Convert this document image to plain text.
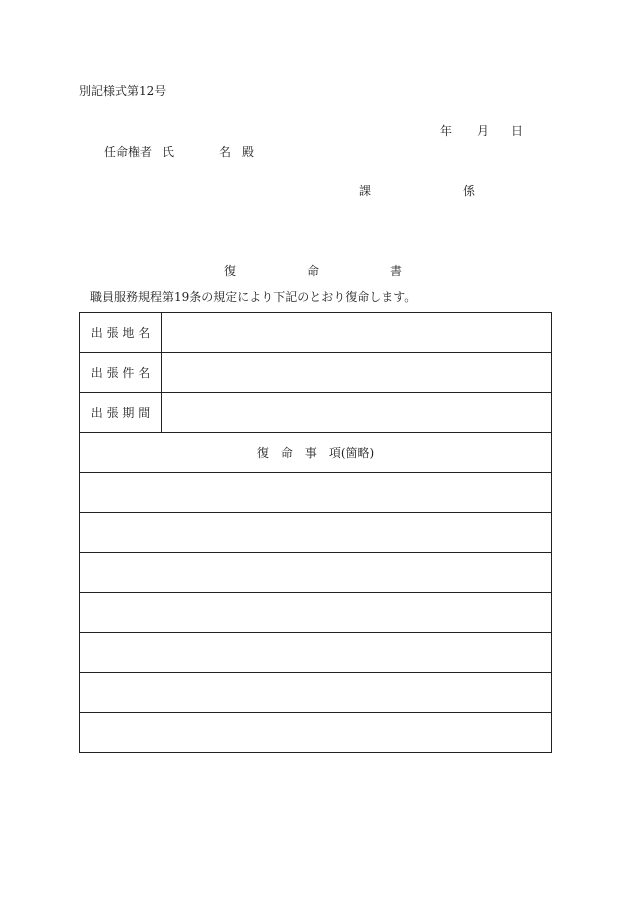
別記様式第12号
年 月 日
任命権者 氏	名 殿
課	係
復	命	書
職員服務規程第19条の規定により下記のとおり復命します。
出 張 地 名	
出 張 件 名	
出 張 期 間	
復　命　事　項(箇略)	
